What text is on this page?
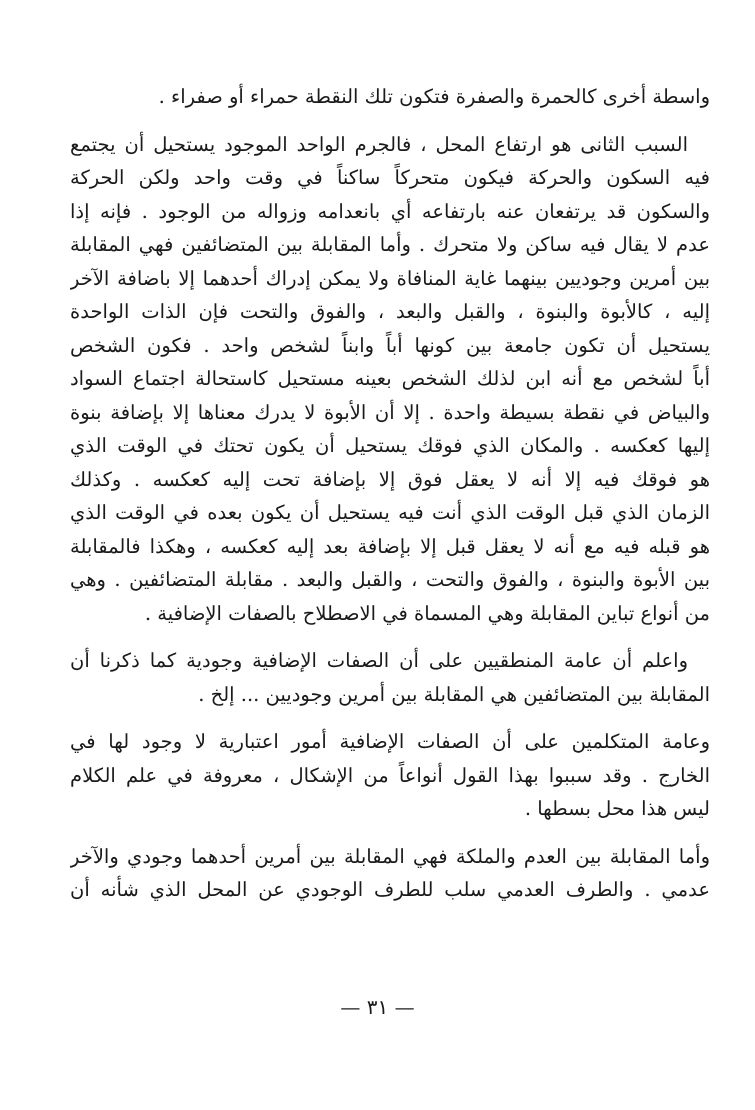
واسطة أخرى كالحمرة والصفرة فتكون تلك النقطة حمراء أو صفراء .
السبب الثانى هو ارتفاع المحل ، فالجرم الواحد الموجود يستحيل أن يجتمع
فيه السكون والحركة فيكون متحركاً ساكناً في وقت واحد ولكن الحركة
والسكون قد يرتفعان عنه بارتفاعه أي بانعدامه وزواله من الوجود . فإنه إذا
عدم لا يقال فيه ساكن ولا متحرك . وأما المقابلة بين المتضائفين فهي المقابلة
بين أمرين وجوديين بينهما غاية المنافاة ولا يمكن إدراك أحدهما إلا باضافة الآخر
إليه ، كالأبوة والبنوة ، والقبل والبعد ، والفوق والتحت فإن الذات الواحدة
يستحيل أن تكون جامعة بين كونها أباً وابناً لشخص واحد . فكون الشخص
أباً لشخص مع أنه ابن لذلك الشخص بعينه مستحيل كاستحالة اجتماع السواد
والبياض في نقطة بسيطة واحدة . إلا أن الأبوة لا يدرك معناها إلا بإضافة بنوة
إليها كعكسه . والمكان الذي فوقك يستحيل أن يكون تحتك في الوقت الذي
هو فوقك فيه إلا أنه لا يعقل فوق إلا بإضافة تحت إليه كعكسه . وكذلك
الزمان الذي قبل الوقت الذي أنت فيه يستحيل أن يكون بعده في الوقت الذي
هو قبله فيه مع أنه لا يعقل قبل إلا بإضافة بعد إليه كعكسه ، وهكذا فالمقابلة
بين الأبوة والبنوة ، والفوق والتحت ، والقبل والبعد . مقابلة المتضائفين . وهي
من أنواع تباين المقابلة وهي المسماة في الاصطلاح بالصفات الإضافية .
واعلم أن عامة المنطقيين على أن الصفات الإضافية وجودية كما ذكرنا أن
المقابلة بين المتضائفين هي المقابلة بين أمرين وجوديين ... إلخ .
وعامة المتكلمين على أن الصفات الإضافية أمور اعتبارية لا وجود لها في
الخارج . وقد سببوا بهذا القول أنواعاً من الإشكال ، معروفة في علم الكلام
ليس هذا محل بسطها .
وأما المقابلة بين العدم والملكة فهي المقابلة بين أمرين أحدهما وجودي والآخر
عدمي . والطرف العدمي سلب للطرف الوجودي عن المحل الذي شأنه أن
— ٣١ —
